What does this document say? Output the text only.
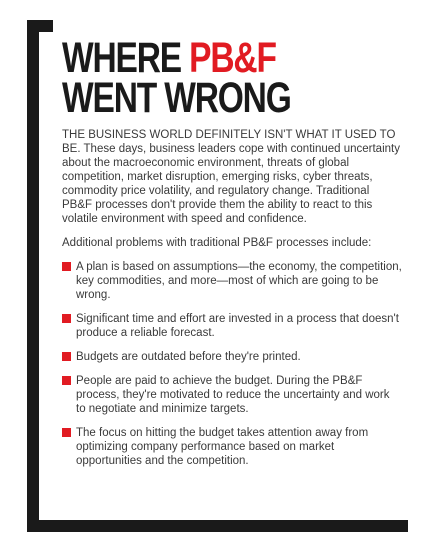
WHERE PB&F
WENT WRONG

THE BUSINESS WORLD DEFINITELY ISN'T WHAT IT USED TO BE. These days, business leaders cope with continued uncertainty about the macroeconomic environment, threats of global competition, market disruption, emerging risks, cyber threats, commodity price volatility, and regulatory change. Traditional PB&F processes don't provide them the ability to react to this volatile environment with speed and confidence.

Additional problems with traditional PB&F processes include:

A plan is based on assumptions—the economy, the competition, key commodities, and more—most of which are going to be wrong.
Significant time and effort are invested in a process that doesn't produce a reliable forecast.
Budgets are outdated before they're printed.
People are paid to achieve the budget. During the PB&F process, they're motivated to reduce the uncertainty and work to negotiate and minimize targets.
The focus on hitting the budget takes attention away from optimizing company performance based on market opportunities and the competition.
